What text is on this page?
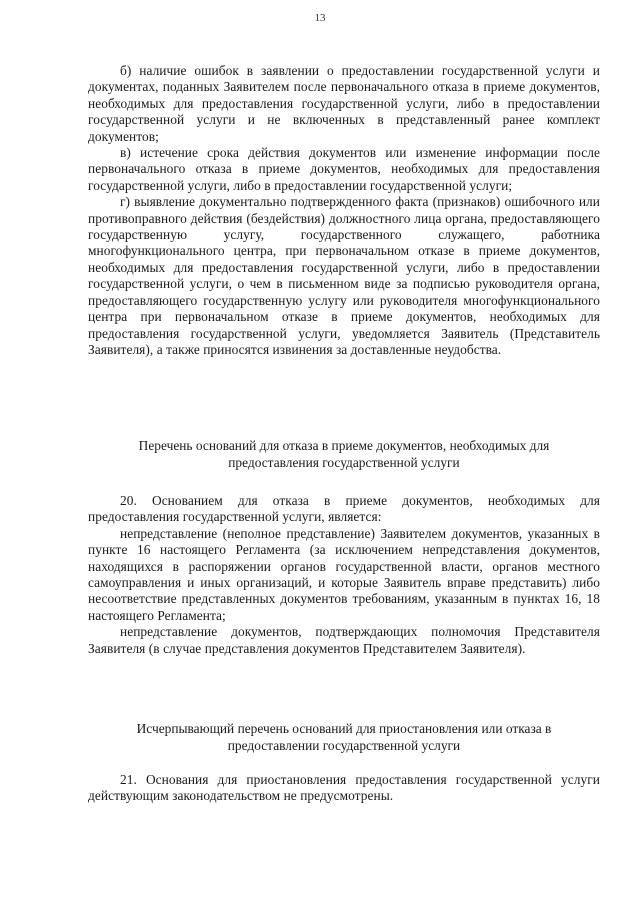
13

б) наличие ошибок в заявлении о предоставлении государственной услуги и документах, поданных Заявителем после первоначального отказа в приеме документов, необходимых для предоставления государственной услуги, либо в предоставлении государственной услуги и не включенных в представленный ранее комплект документов;

в) истечение срока действия документов или изменение информации после первоначального отказа в приеме документов, необходимых для предоставления государственной услуги, либо в предоставлении государственной услуги;

г) выявление документально подтвержденного факта (признаков) ошибочного или противоправного действия (бездействия) должностного лица органа, предоставляющего государственную услугу, государственного служащего, работника многофункционального центра, при первоначальном отказе в приеме документов, необходимых для предоставления государственной услуги, либо в предоставлении государственной услуги, о чем в письменном виде за подписью руководителя органа, предоставляющего государственную услугу или руководителя многофункционального центра при первоначальном отказе в приеме документов, необходимых для предоставления государственной услуги, уведомляется Заявитель (Представитель Заявителя), а также приносятся извинения за доставленные неудобства.

Перечень оснований для отказа в приеме документов, необходимых для предоставления государственной услуги

20. Основанием для отказа в приеме документов, необходимых для предоставления государственной услуги, является:

непредставление (неполное представление) Заявителем документов, указанных в пункте 16 настоящего Регламента (за исключением непредставления документов, находящихся в распоряжении органов государственной власти, органов местного самоуправления и иных организаций, и которые Заявитель вправе представить) либо несоответствие представленных документов требованиям, указанным в пунктах 16, 18 настоящего Регламента;

непредставление документов, подтверждающих полномочия Представителя Заявителя (в случае представления документов Представителем Заявителя).

Исчерпывающий перечень оснований для приостановления или отказа в предоставлении государственной услуги

21. Основания для приостановления предоставления государственной услуги действующим законодательством не предусмотрены.
